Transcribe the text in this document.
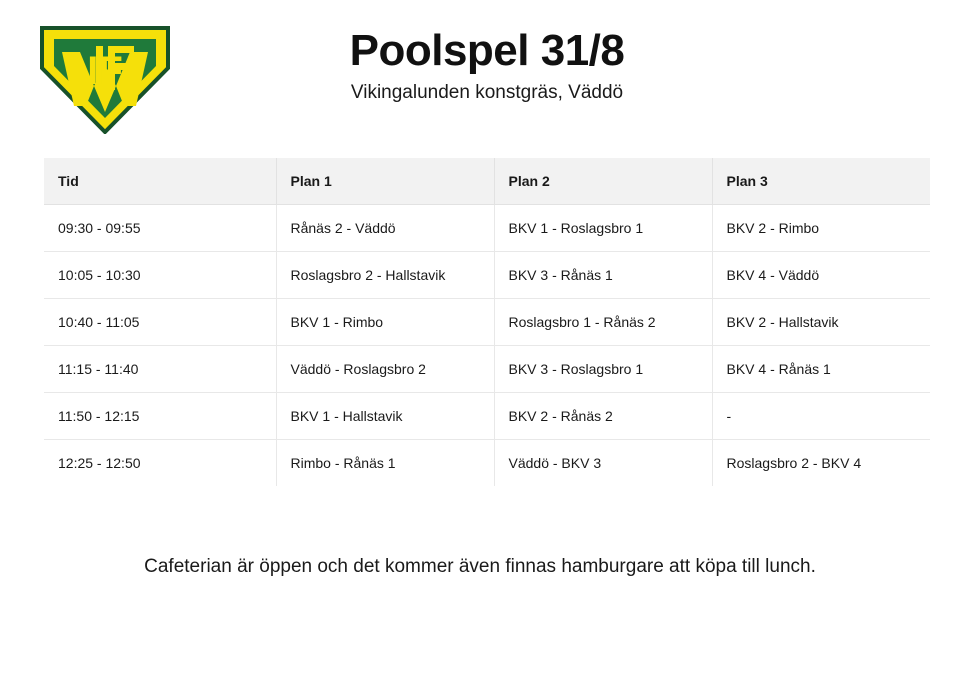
IF	Poolspel 31/8

Vikingalunden konstgräs, Väddö

Tid	Plan 1	Plan 2	Plan 3
09:30 - 09:55	Rånäs 2 - Väddö	BKV 1 - Roslagsbro 1	BKV 2 - Rimbo
10:05 - 10:30	Roslagsbro 2 - Hallstavik	BKV 3 - Rånäs 1	BKV 4 - Väddö
10:40 - 11:05	BKV 1 - Rimbo	Roslagsbro 1 - Rånäs 2	BKV 2 - Hallstavik
11:15 - 11:40	Väddö - Roslagsbro 2	BKV 3 - Roslagsbro 1	BKV 4 - Rånäs 1
11:50 - 12:15	BKV 1 - Hallstavik	BKV 2 - Rånäs 2	-
12:25 - 12:50	Rimbo - Rånäs 1	Väddö - BKV 3	Roslagsbro 2 - BKV 4
Cafeterian är öppen och det kommer även finnas hamburgare att köpa till lunch.
